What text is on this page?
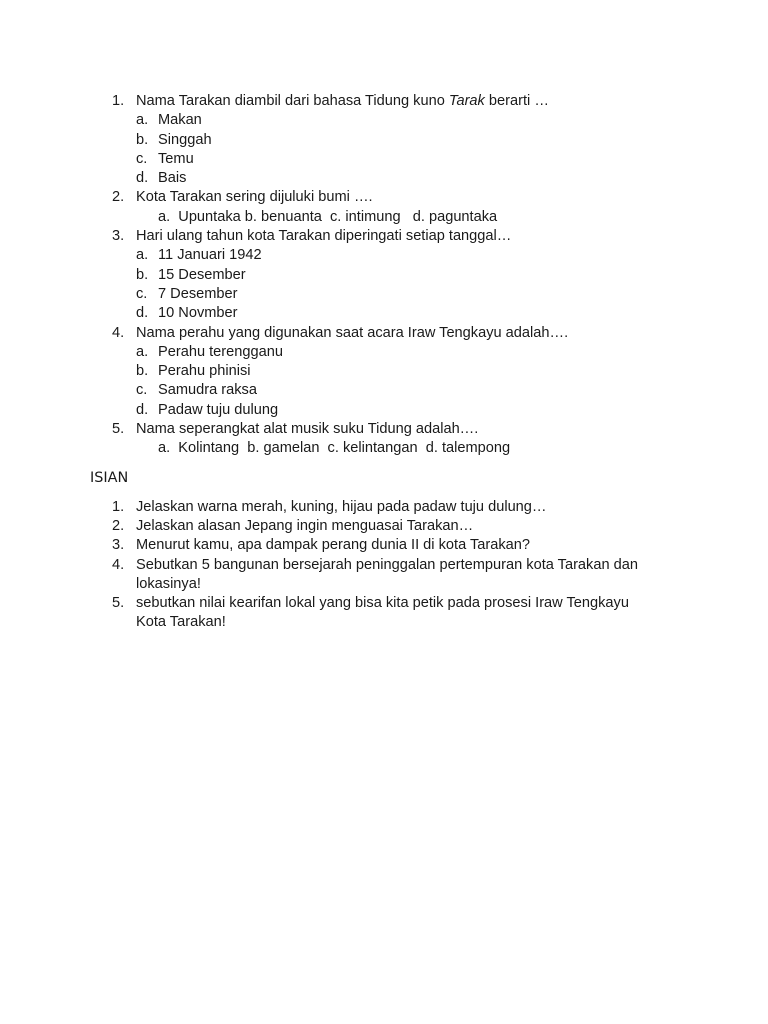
1. Nama Tarakan diambil dari bahasa Tidung kuno Tarak berarti …
a. Makan
b. Singgah
c. Temu
d. Bais
2. Kota Tarakan sering dijuluki bumi ….
a.  Upuntaka b. benuanta  c. intimung   d. paguntaka
3. Hari ulang tahun kota Tarakan diperingati setiap tanggal…
a. 11 Januari 1942
b. 15 Desember
c. 7 Desember
d. 10 Novmber
4. Nama perahu yang digunakan saat acara Iraw Tengkayu adalah….
a. Perahu terengganu
b. Perahu phinisi
c. Samudra raksa
d. Padaw tuju dulung
5. Nama seperangkat alat musik suku Tidung adalah….
a.  Kolintang  b. gamelan  c. kelintangan  d. talempong
ISIAN
1. Jelaskan warna merah, kuning, hijau pada padaw tuju dulung…
2. Jelaskan alasan Jepang ingin menguasai Tarakan…
3. Menurut kamu, apa dampak perang dunia II di kota Tarakan?
4. Sebutkan 5 bangunan bersejarah peninggalan pertempuran kota Tarakan dan lokasinya!
5. sebutkan nilai kearifan lokal yang bisa kita petik pada prosesi Iraw Tengkayu Kota Tarakan!
